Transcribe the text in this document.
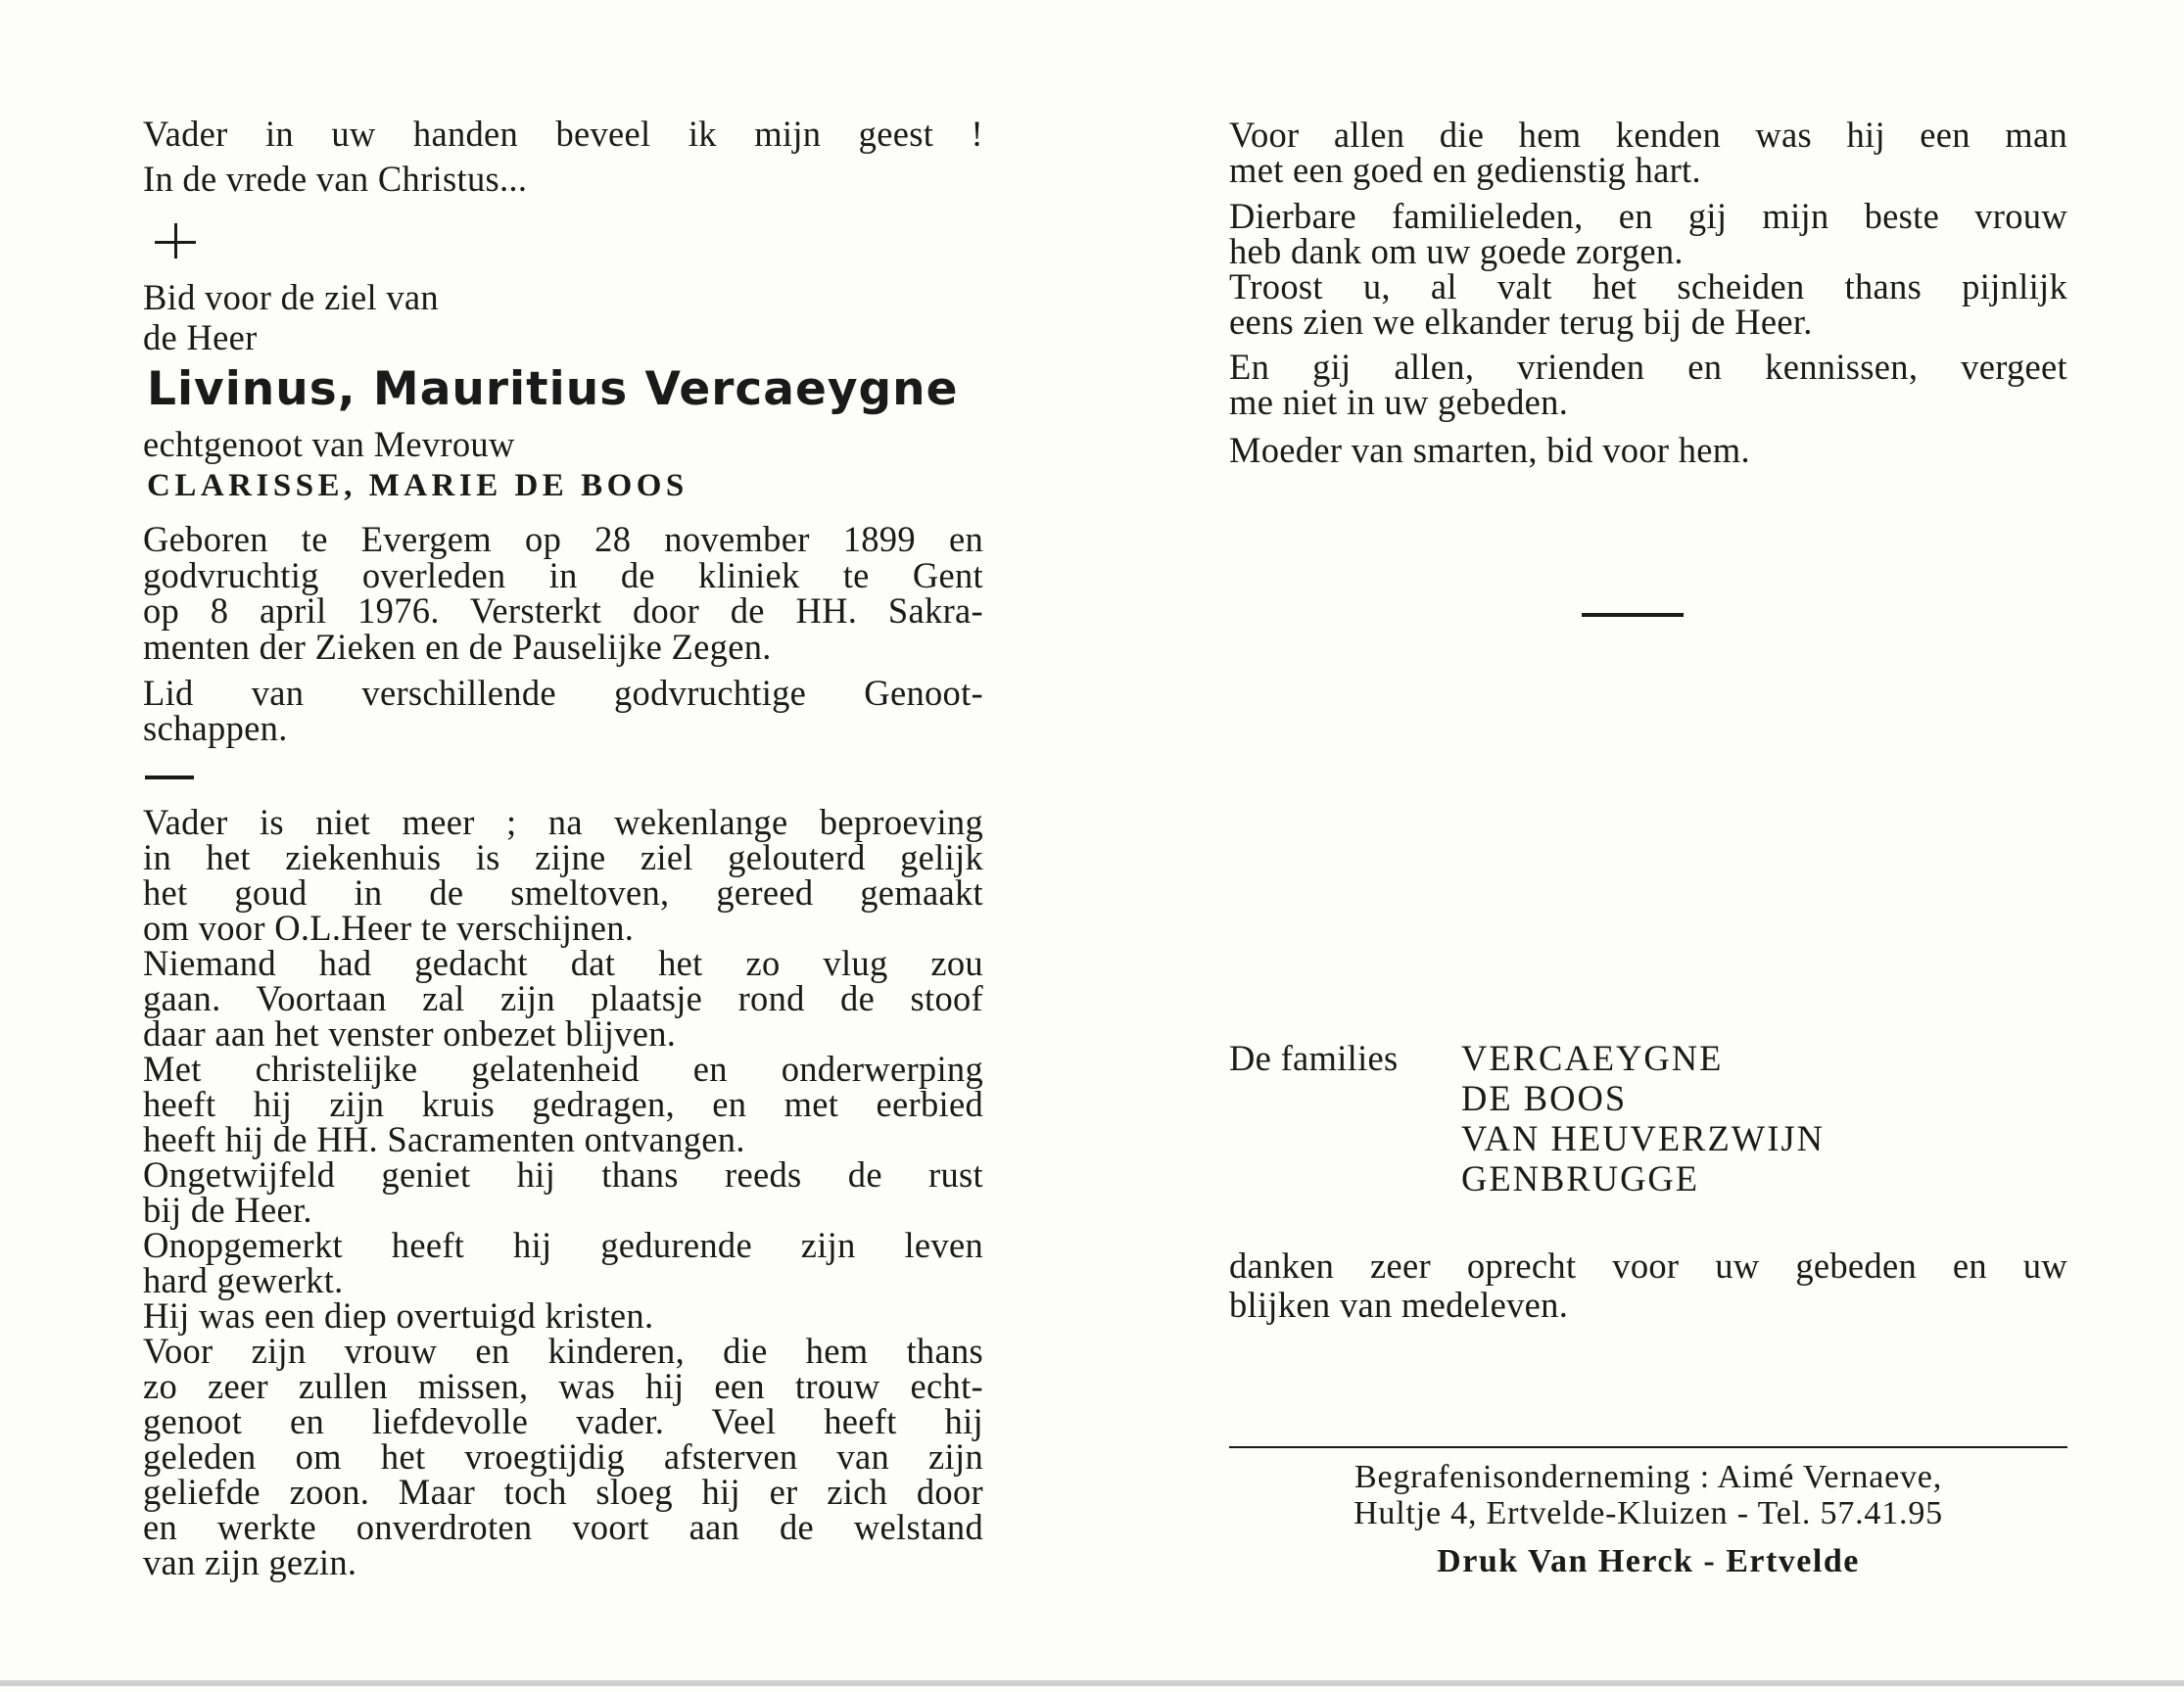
Vader in uw handen beveel ik mijn geest !
In de vrede van Christus...
Bid voor de ziel van
de Heer
Livinus, Mauritius Vercaeygne
echtgenoot van Mevrouw
CLARISSE, MARIE DE BOOS
Geboren te Evergem op 28 november 1899 en
godvruchtig overleden in de kliniek te Gent
op 8 april 1976. Versterkt door de HH. Sakra-
menten der Zieken en de Pauselijke Zegen.
Lid van verschillende godvruchtige Genoot-
schappen.
Vader is niet meer ; na wekenlange beproeving
in het ziekenhuis is zijne ziel gelouterd gelijk
het goud in de smeltoven, gereed gemaakt
om voor O.L.Heer te verschijnen.
Niemand had gedacht dat het zo vlug zou
gaan. Voortaan zal zijn plaatsje rond de stoof
daar aan het venster onbezet blijven.
Met christelijke gelatenheid en onderwerping
heeft hij zijn kruis gedragen, en met eerbied
heeft hij de HH. Sacramenten ontvangen.
Ongetwijfeld geniet hij thans reeds de rust
bij de Heer.
Onopgemerkt heeft hij gedurende zijn leven
hard gewerkt.
Hij was een diep overtuigd kristen.
Voor zijn vrouw en kinderen, die hem thans
zo zeer zullen missen, was hij een trouw echt-
genoot en liefdevolle vader. Veel heeft hij
geleden om het vroegtijdig afsterven van zijn
geliefde zoon. Maar toch sloeg hij er zich door
en werkte onverdroten voort aan de welstand
van zijn gezin.
Voor allen die hem kenden was hij een man
met een goed en gedienstig hart.
Dierbare familieleden, en gij mijn beste vrouw
heb dank om uw goede zorgen.
Troost u, al valt het scheiden thans pijnlijk
eens zien we elkander terug bij de Heer.
En gij allen, vrienden en kennissen, vergeet
me niet in uw gebeden.
Moeder van smarten, bid voor hem.
De families VERCAEYGNE
DE BOOS
VAN HEUVERZWIJN
GENBRUGGE
danken zeer oprecht voor uw gebeden en uw
blijken van medeleven.
Begrafenisonderneming : Aimé Vernaeve,
Hultje 4, Ertvelde-Kluizen - Tel. 57.41.95
Druk Van Herck - Ertvelde
